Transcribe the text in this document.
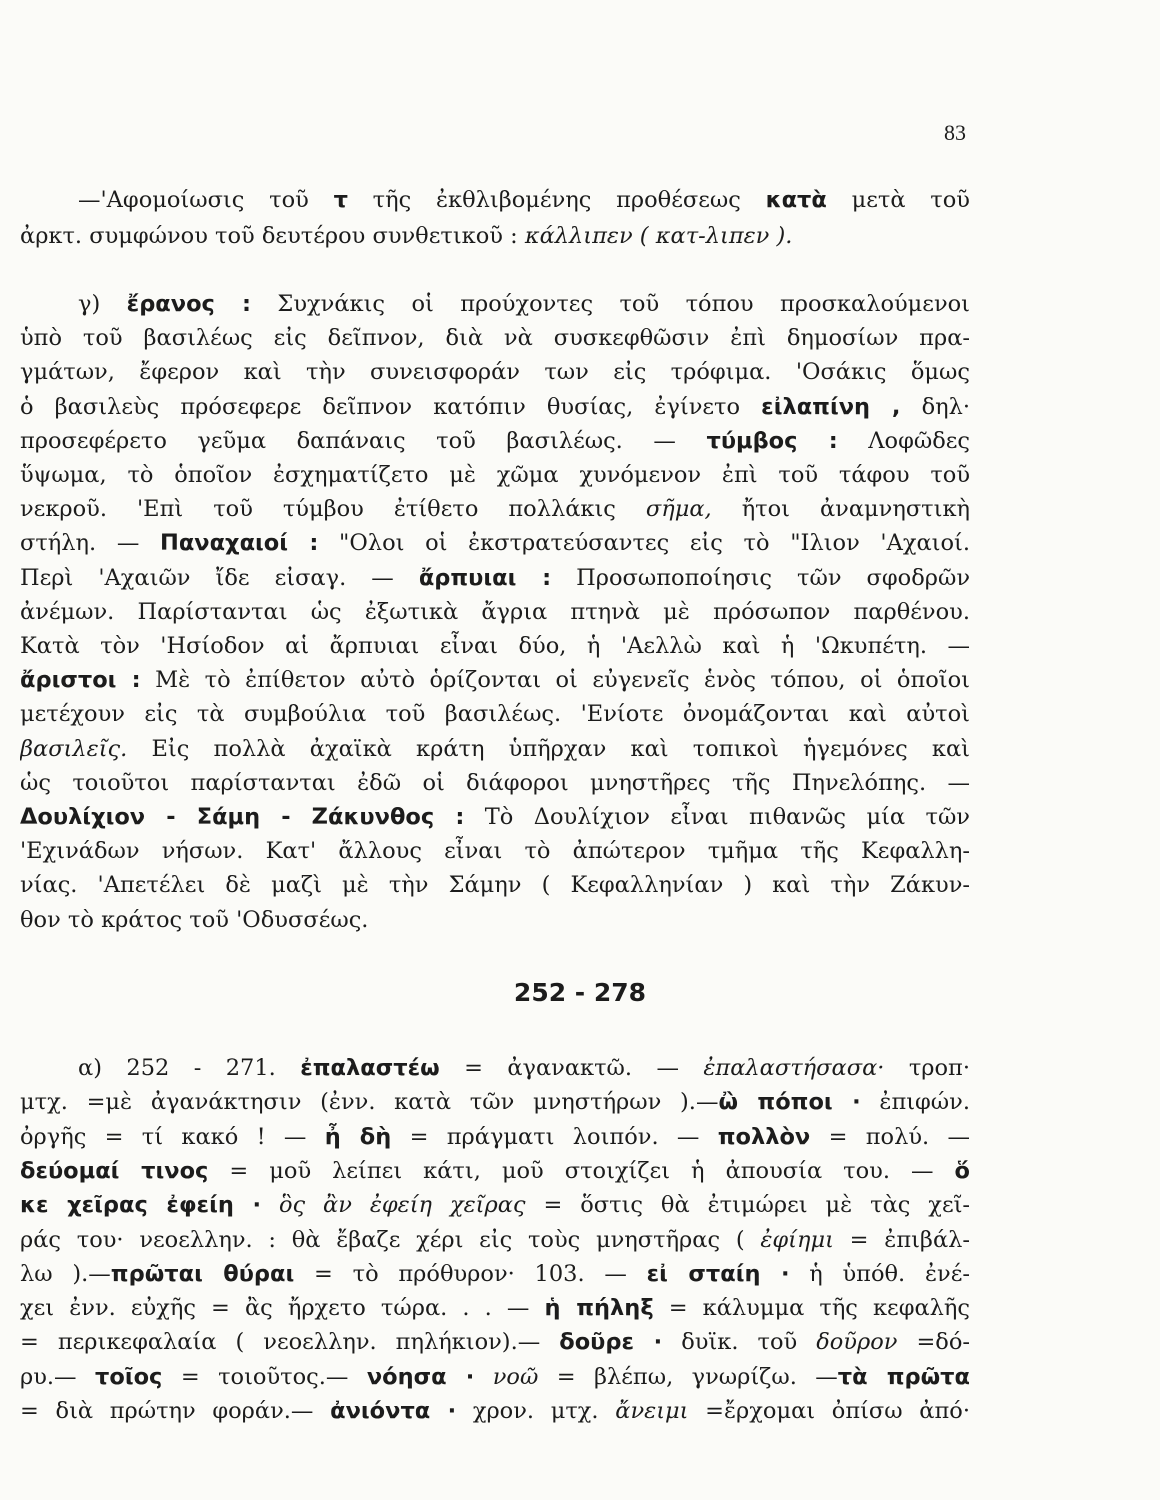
83
—'Αφομοίωσις τοῦ τ τῆς ἐκθλιβομένης προθέσεως κατὰ μετὰ τοῦ
ἀρκτ. συμφώνου τοῦ δευτέρου συνθετικοῦ : κάλλιπεν ( κατ-λιπεν ).
γ) ἔρανος : Συχνάκις οἱ προύχοντες τοῦ τόπου προσκαλούμενοι
ὑπὸ τοῦ βασιλέως εἰς δεῖπνον, διὰ νὰ συσκεφθῶσιν ἐπὶ δημοσίων πρα-
γμάτων, ἔφερον καὶ τὴν συνεισφοράν των εἰς τρόφιμα. 'Οσάκις ὅμως
ὁ βασιλεὺς πρόσεφερε δεῖπνον κατόπιν θυσίας, ἐγίνετο εἰλαπίνη , δηλ·
προσεφέρετο γεῦμα δαπάναις τοῦ βασιλέως. — τύμβος : Λοφῶδες
ὕψωμα, τὸ ὁποῖον ἐσχηματίζετο μὲ χῶμα χυνόμενον ἐπὶ τοῦ τάφου τοῦ
νεκροῦ. 'Επὶ τοῦ τύμβου ἐτίθετο πολλάκις σῆμα, ἤτοι ἀναμνηστικὴ
στήλη. — Παναχαιοί : "Ολοι οἱ ἐκστρατεύσαντες εἰς τὸ "Ιλιον 'Αχαιοί.
Περὶ 'Αχαιῶν ἴδε εἰσαγ. — ἄρπυιαι : Προσωποποίησις τῶν σφοδρῶν
ἀνέμων. Παρίστανται ὡς ἐξωτικὰ ἄγρια πτηνὰ μὲ πρόσωπον παρθένου.
Κατὰ τὸν 'Ησίοδον αἱ ἄρπυιαι εἶναι δύο, ἡ 'Αελλὼ καὶ ἡ 'Ωκυπέτη. —
ἄριστοι : Μὲ τὸ ἐπίθετον αὐτὸ ὁρίζονται οἱ εὐγενεῖς ἑνὸς τόπου, οἱ ὁποῖοι
μετέχουν εἰς τὰ συμβούλια τοῦ βασιλέως. 'Ενίοτε ὀνομάζονται καὶ αὐτοὶ
βασιλεῖς. Εἰς πολλὰ ἀχαϊκὰ κράτη ὑπῆρχαν καὶ τοπικοὶ ἡγεμόνες καὶ
ὡς τοιοῦτοι παρίστανται ἐδῶ οἱ διάφοροι μνηστῆρες τῆς Πηνελόπης. —
Δουλίχιον - Σάμη - Ζάκυνθος : Τὸ Δουλίχιον εἶναι πιθανῶς μία τῶν
'Εχινάδων νήσων. Κατ' ἄλλους εἶναι τὸ ἀπώτερον τμῆμα τῆς Κεφαλλη-
νίας. 'Απετέλει δὲ μαζὶ μὲ τὴν Σάμην ( Κεφαλληνίαν ) καὶ τὴν Ζάκυν-
θον τὸ κράτος τοῦ 'Οδυσσέως.
252 - 278
α) 252 - 271. ἐπαλαστέω = ἀγανακτῶ. — ἐπαλαστήσασα· τροπ·
μτχ. =μὲ ἀγανάκτησιν (ἐνν. κατὰ τῶν μνηστήρων ).—ὢ πόποι · ἐπιφών.
ὀργῆς = τί κακό ! — ἦ δὴ = πράγματι λοιπόν. — πολλὸν = πολύ. —
δεύομαί τινος = μοῦ λείπει κάτι, μοῦ στοιχίζει ἡ ἀπουσία του. — ὅ
κε χεῖρας ἐφείη · ὃς ἂν ἐφείη χεῖρας = ὅστις θὰ ἐτιμώρει μὲ τὰς χεῖ-
ράς του· νεοελλην. : θὰ ἔβαζε χέρι εἰς τοὺς μνηστῆρας ( ἐφίημι = ἐπιβάλ-
λω ).—πρῶται θύραι = τὸ πρόθυρον· 103. — εἰ σταίη · ἡ ὑπόθ. ἐνέ-
χει ἐνν. εὐχῆς = ἂς ἤρχετο τώρα. . . — ἡ πήληξ = κάλυμμα τῆς κεφαλῆς
= περικεφαλαία ( νεοελλην. πηλήκιον).— δοῦρε · δυϊκ. τοῦ δοῦρον =δό-
ρυ.— τοῖος = τοιοῦτος.— νόησα · νοῶ = βλέπω, γνωρίζω. —τὰ πρῶτα
= διὰ πρώτην φοράν.— ἀνιόντα · χρον. μτχ. ἄνειμι =ἔρχομαι ὀπίσω ἀπό·
